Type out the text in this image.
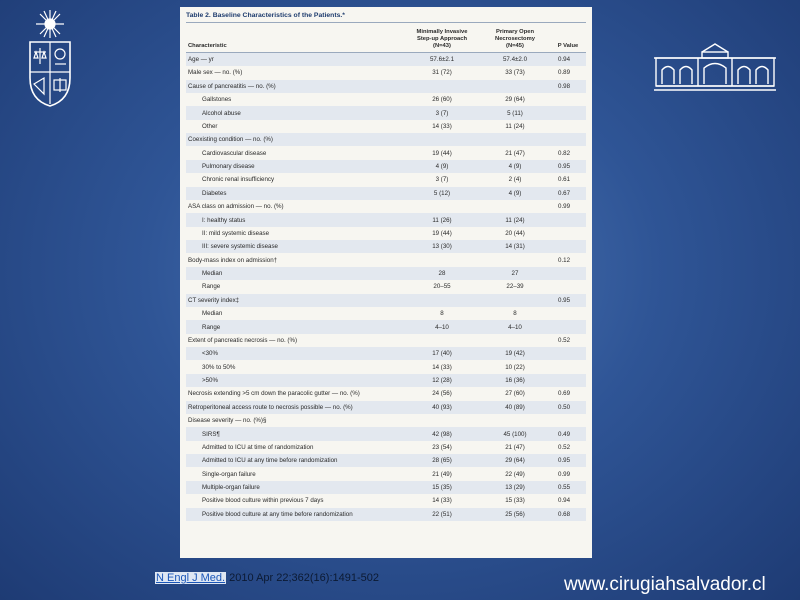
Table 2. Baseline Characteristics of the Patients.*
Characteristic	Minimally Invasive
Step-up Approach
(N=43)	Primary Open
Necrosectomy
(N=45)	P Value
Age — yr	57.6±2.1	57.4±2.0	0.94
Male sex — no. (%)	31 (72)	33 (73)	0.89
Cause of pancreatitis — no. (%)			0.98
Gallstones	26 (60)	29 (64)	
Alcohol abuse	3 (7)	5 (11)	
Other	14 (33)	11 (24)	
Coexisting condition — no. (%)			
Cardiovascular disease	19 (44)	21 (47)	0.82
Pulmonary disease	4 (9)	4 (9)	0.95
Chronic renal insufficiency	3 (7)	2 (4)	0.61
Diabetes	5 (12)	4 (9)	0.67
ASA class on admission — no. (%)			0.99
I: healthy status	11 (26)	11 (24)	
II: mild systemic disease	19 (44)	20 (44)	
III: severe systemic disease	13 (30)	14 (31)	
Body-mass index on admission†			0.12
Median	28	27	
Range	20–55	22–39	
CT severity index‡			0.95
Median	8	8	
Range	4–10	4–10	
Extent of pancreatic necrosis — no. (%)			0.52
<30%	17 (40)	19 (42)	
30% to 50%	14 (33)	10 (22)	
>50%	12 (28)	16 (36)	
Necrosis extending >5 cm down the paracolic gutter — no. (%)	24 (56)	27 (60)	0.69
Retroperitoneal access route to necrosis possible — no. (%)	40 (93)	40 (89)	0.50
Disease severity — no. (%)§			
SIRS¶	42 (98)	45 (100)	0.49
Admitted to ICU at time of randomization	23 (54)	21 (47)	0.52
Admitted to ICU at any time before randomization	28 (65)	29 (64)	0.95
Single-organ failure	21 (49)	22 (49)	0.99
Multiple-organ failure	15 (35)	13 (29)	0.55
Positive blood culture within previous 7 days	14 (33)	15 (33)	0.94
Positive blood culture at any time before randomization	22 (51)	25 (56)	0.68
N Engl J Med. 2010 Apr 22;362(16):1491-502	www.cirugiahsalvador.cl
